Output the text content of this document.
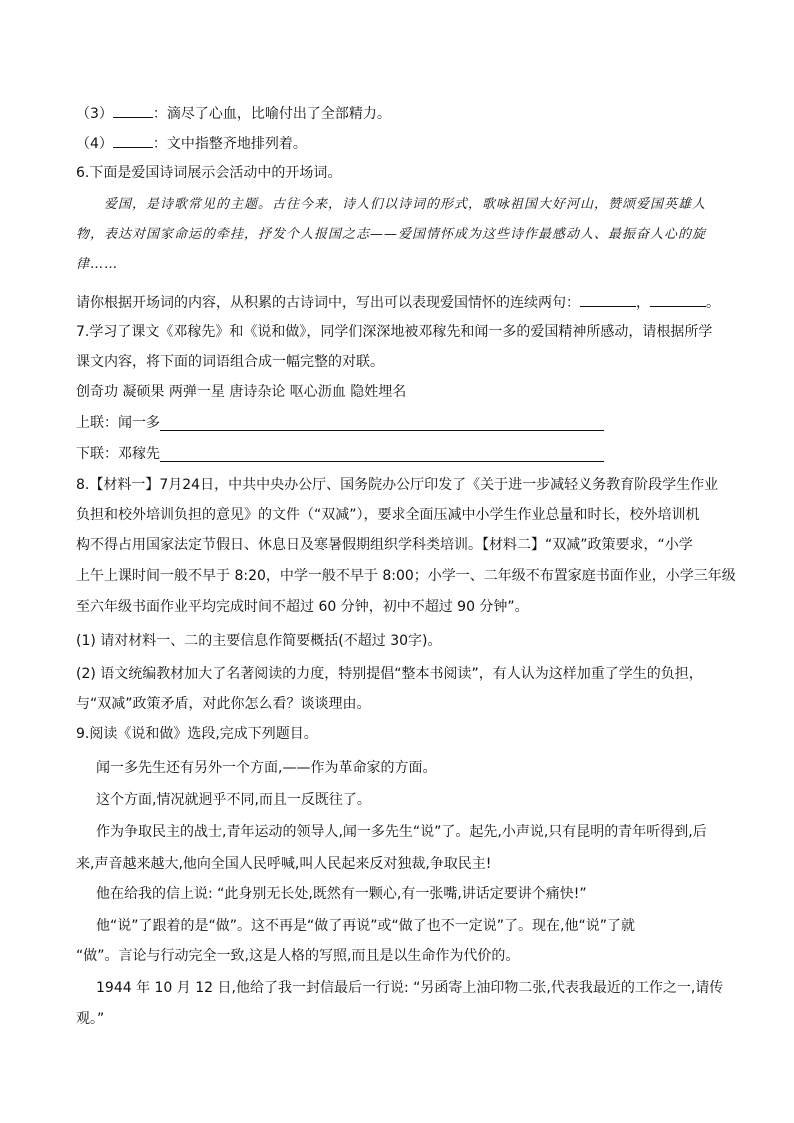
（3）	：滴尽了心血，比喻付出了全部精力。
（4）	：文中指整齐地排列着。
6.下面是爱国诗词展示会活动中的开场词。

爱国，是诗歌常见的主题。古往今来，诗人们以诗词的形式，歌咏祖国大好河山，赞颂爱国英雄人

物，表达对国家命运的牵挂，抒发个人报国之志——爱国情怀成为这些诗作最感动人、最振奋人心的旋

律……

请你根据开场词的内容，从积累的古诗词中，写出可以表现爱国情怀的连续两句：	，	。
7.学习了课文《邓稼先》和《说和做》，同学们深深地被邓稼先和闻一多的爱国精神所感动，请根据所学
课文内容，将下面的词语组合成一幅完整的对联。
创奇功 凝硕果 两弹一星 唐诗杂论 呕心沥血 隐姓埋名
上联：闻一多
下联：邓稼先
8.【材料一】7月24日，中共中央办公厅、国务院办公厅印发了《关于进一步减轻义务教育阶段学生作业
负担和校外培训负担的意见》的文件（“双减”），要求全面压减中小学生作业总量和时长，校外培训机
构不得占用国家法定节假日、休息日及寒暑假期组织学科类培训。【材料二】“双减”政策要求，“小学
上午上课时间一般不早于 8:20，中学一般不早于 8:00；小学一、二年级不布置家庭书面作业，小学三年级
至六年级书面作业平均完成时间不超过 60 分钟，初中不超过 90 分钟”。
(1) 请对材料一、二的主要信息作简要概括(不超过 30字)。
(2) 语文统编教材加大了名著阅读的力度，特别提倡“整本书阅读”，有人认为这样加重了学生的负担，
与“双减”政策矛盾，对此你怎么看？谈谈理由。
9.阅读《说和做》选段,完成下列题目。
闻一多先生还有另外一个方面,——作为革命家的方面。
这个方面,情况就迥乎不同,而且一反既往了。
作为争取民主的战士,青年运动的领导人,闻一多先生“说”了。起先,小声说,只有昆明的青年听得到,后
来,声音越来越大,他向全国人民呼喊,叫人民起来反对独裁,争取民主!
他在给我的信上说: “此身别无长处,既然有一颗心,有一张嘴,讲话定要讲个痛快!”
他“说”了跟着的是“做”。这不再是“做了再说”或“做了也不一定说”了。现在,他“说”了就
“做”。言论与行动完全一致,这是人格的写照,而且是以生命作为代价的。
1944 年 10 月 12 日,他给了我一封信最后一行说: “另函寄上油印物二张,代表我最近的工作之一,请传
观。”
